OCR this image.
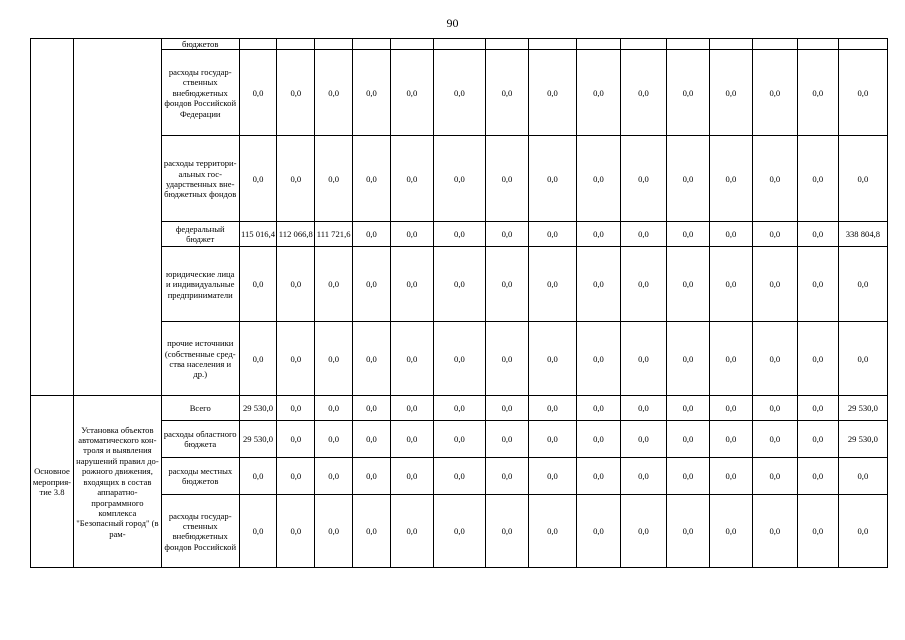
90
		бюджетов															
		расходы государственных внебюджетных фондов Российской Федерации	0,0	0,0	0,0	0,0	0,0	0,0	0,0	0,0	0,0	0,0	0,0	0,0	0,0	0,0	0,0
		расходы территориальных государственных внебюджетных фондов	0,0	0,0	0,0	0,0	0,0	0,0	0,0	0,0	0,0	0,0	0,0	0,0	0,0	0,0	0,0
		федеральный бюджет	115 016,4	112 066,8	111 721,6	0,0	0,0	0,0	0,0	0,0	0,0	0,0	0,0	0,0	0,0	0,0	338 804,8
		юридические лица и индивидуальные предприниматели	0,0	0,0	0,0	0,0	0,0	0,0	0,0	0,0	0,0	0,0	0,0	0,0	0,0	0,0	0,0
		прочие источники (собственные средства населения и др.)	0,0	0,0	0,0	0,0	0,0	0,0	0,0	0,0	0,0	0,0	0,0	0,0	0,0	0,0	0,0
Основное мероприятие 3.8	Установка объектов автоматического контроля и выявления нарушений правил дорожного движения, входящих в состав аппаратно-программного комплекса "Безопасный город" (в рам-	Всего	29 530,0	0,0	0,0	0,0	0,0	0,0	0,0	0,0	0,0	0,0	0,0	0,0	0,0	0,0	29 530,0
		расходы областного бюджета	29 530,0	0,0	0,0	0,0	0,0	0,0	0,0	0,0	0,0	0,0	0,0	0,0	0,0	0,0	29 530,0
		расходы местных бюджетов	0,0	0,0	0,0	0,0	0,0	0,0	0,0	0,0	0,0	0,0	0,0	0,0	0,0	0,0	0,0
		расходы государственных внебюджетных фондов Российской	0,0	0,0	0,0	0,0	0,0	0,0	0,0	0,0	0,0	0,0	0,0	0,0	0,0	0,0	0,0
